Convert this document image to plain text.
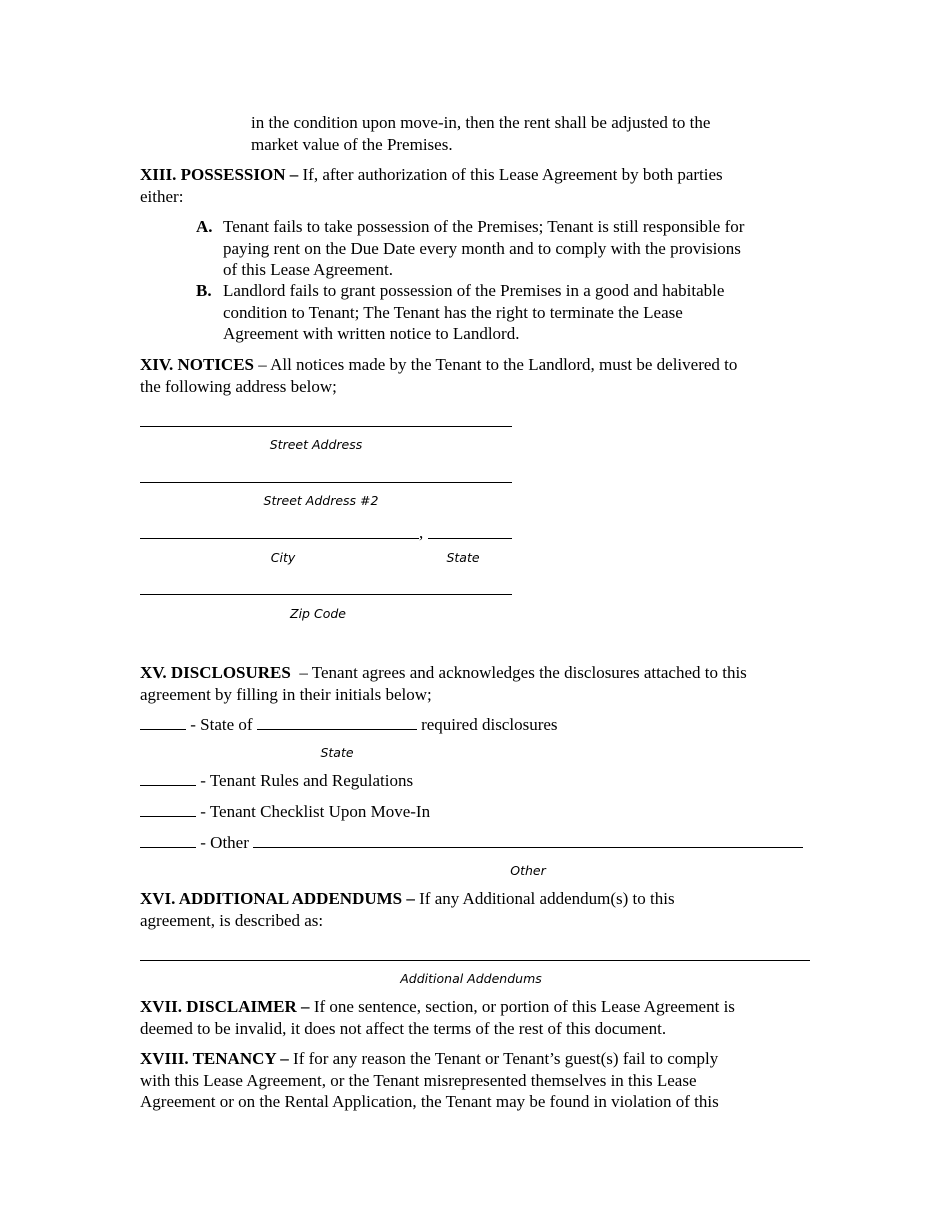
in the condition upon move-in, then the rent shall be adjusted to the
market value of the Premises.
XIII. POSSESSION – If, after authorization of this Lease Agreement by both parties
either:
A. Tenant fails to take possession of the Premises; Tenant is still responsible for
paying rent on the Due Date every month and to comply with the provisions
of this Lease Agreement.
B. Landlord fails to grant possession of the Premises in a good and habitable
condition to Tenant; The Tenant has the right to terminate the Lease
Agreement with written notice to Landlord.
XIV. NOTICES – All notices made by the Tenant to the Landlord, must be delivered to
the following address below;
Street Address
Street Address #2
,
City	State
Zip Code
XV. DISCLOSURES  – Tenant agrees and acknowledges the disclosures attached to this
agreement by filling in their initials below;
- State of	required disclosures
State
- Tenant Rules and Regulations
- Tenant Checklist Upon Move-In
- Other
Other
XVI. ADDITIONAL ADDENDUMS – If any Additional addendum(s) to this
agreement, is described as:
Additional Addendums
XVII. DISCLAIMER – If one sentence, section, or portion of this Lease Agreement is
deemed to be invalid, it does not affect the terms of the rest of this document.
XVIII. TENANCY – If for any reason the Tenant or Tenant’s guest(s) fail to comply
with this Lease Agreement, or the Tenant misrepresented themselves in this Lease
Agreement or on the Rental Application, the Tenant may be found in violation of this
